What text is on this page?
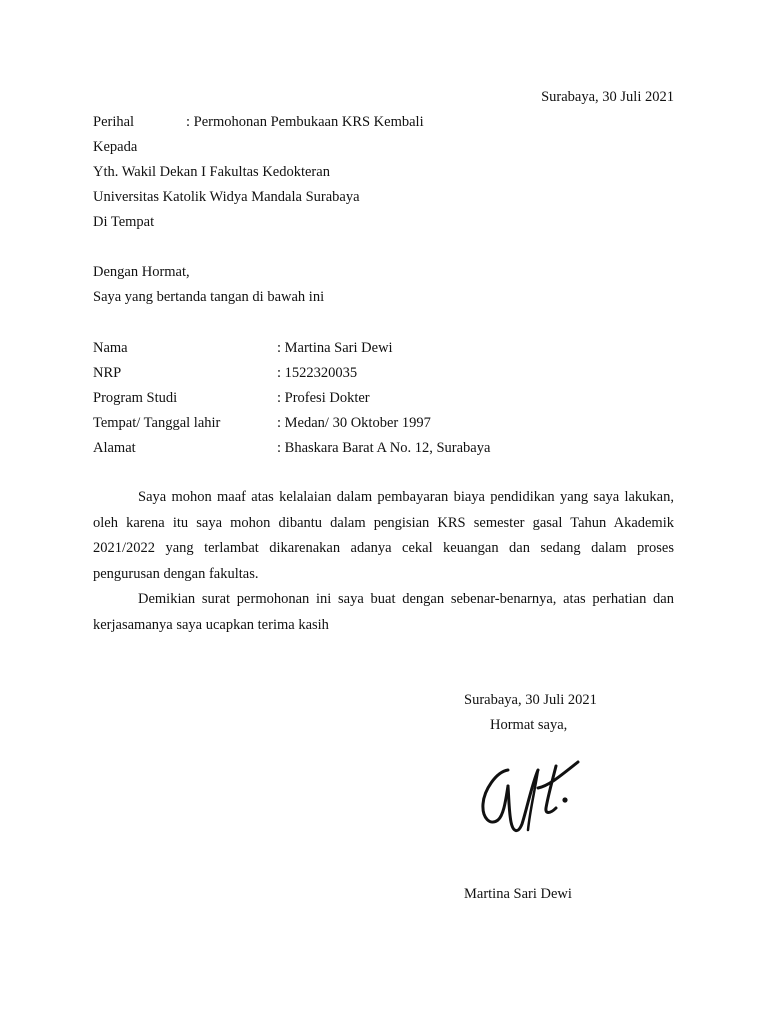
Surabaya, 30 Juli 2021
Perihal	: Permohonan Pembukaan KRS Kembali
Kepada
Yth. Wakil Dekan I Fakultas Kedokteran
Universitas Katolik Widya Mandala Surabaya
Di Tempat
Dengan Hormat,
Saya yang bertanda tangan di bawah ini
Nama	: Martina Sari Dewi
NRP	: 1522320035
Program Studi	: Profesi Dokter
Tempat/ Tanggal lahir	: Medan/ 30 Oktober 1997
Alamat	: Bhaskara Barat A No. 12, Surabaya

Saya mohon maaf atas kelalaian dalam pembayaran biaya pendidikan yang saya lakukan, oleh karena itu saya mohon dibantu dalam pengisian KRS semester gasal Tahun Akademik 2021/2022 yang terlambat dikarenakan adanya cekal keuangan dan sedang dalam proses pengurusan dengan fakultas.

Demikian surat permohonan ini saya buat dengan sebenar-benarnya, atas perhatian dan kerjasamanya saya ucapkan terima kasih

Surabaya, 30 Juli 2021
Hormat saya,
Martina Sari Dewi
